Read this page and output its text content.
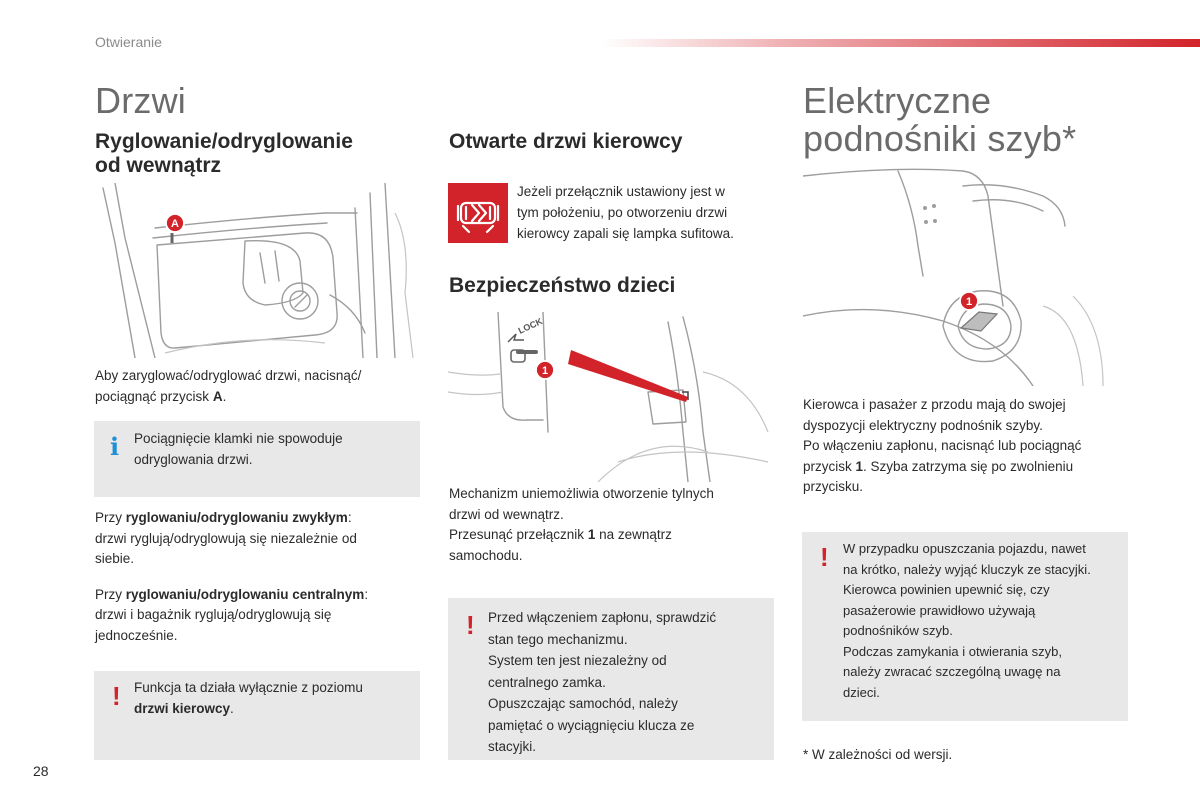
Otwieranie
Drzwi
Ryglowanie/odryglowanie
od wewnątrz
A

Aby zaryglować/odryglować drzwi, nacisnąć/

pociągnąć przycisk A.

i Pociągnięcie klamki nie spowoduje

odryglowania drzwi.

Przy ryglowaniu/odryglowaniu zwykłym:

drzwi ryglują/odryglowują się niezależnie od

siebie.

Przy ryglowaniu/odryglowaniu centralnym:

drzwi i bagażnik ryglują/odryglowują się

jednocześnie.

! Funkcja ta działa wyłącznie z poziomu

drzwi kierowcy.

Otwarte drzwi kierowcy

Jeżeli przełącznik ustawiony jest w

tym położeniu, po otworzeniu drzwi

kierowcy zapali się lampka sufitowa.

Bezpieczeństwo dzieci
LOCK
1

Mechanizm uniemożliwia otworzenie tylnych

drzwi od wewnątrz.

Przesunąć przełącznik 1 na zewnątrz

samochodu.

! Przed włączeniem zapłonu, sprawdzić

stan tego mechanizmu.

System ten jest niezależny od

centralnego zamka.

Opuszczając samochód, należy

pamiętać o wyciągnięciu klucza ze

stacyjki.

Elektryczne
podnośniki szyb*
1

Kierowca i pasażer z przodu mają do swojej

dyspozycji elektryczny podnośnik szyby.

Po włączeniu zapłonu, nacisnąć lub pociągnąć

przycisk 1. Szyba zatrzyma się po zwolnieniu

przycisku.

! W przypadku opuszczania pojazdu, nawet

na krótko, należy wyjąć kluczyk ze stacyjki.

Kierowca powinien upewnić się, czy

pasażerowie prawidłowo używają

podnośników szyb.

Podczas zamykania i otwierania szyb,

należy zwracać szczególną uwagę na

dzieci.

* W zależności od wersji.
28
